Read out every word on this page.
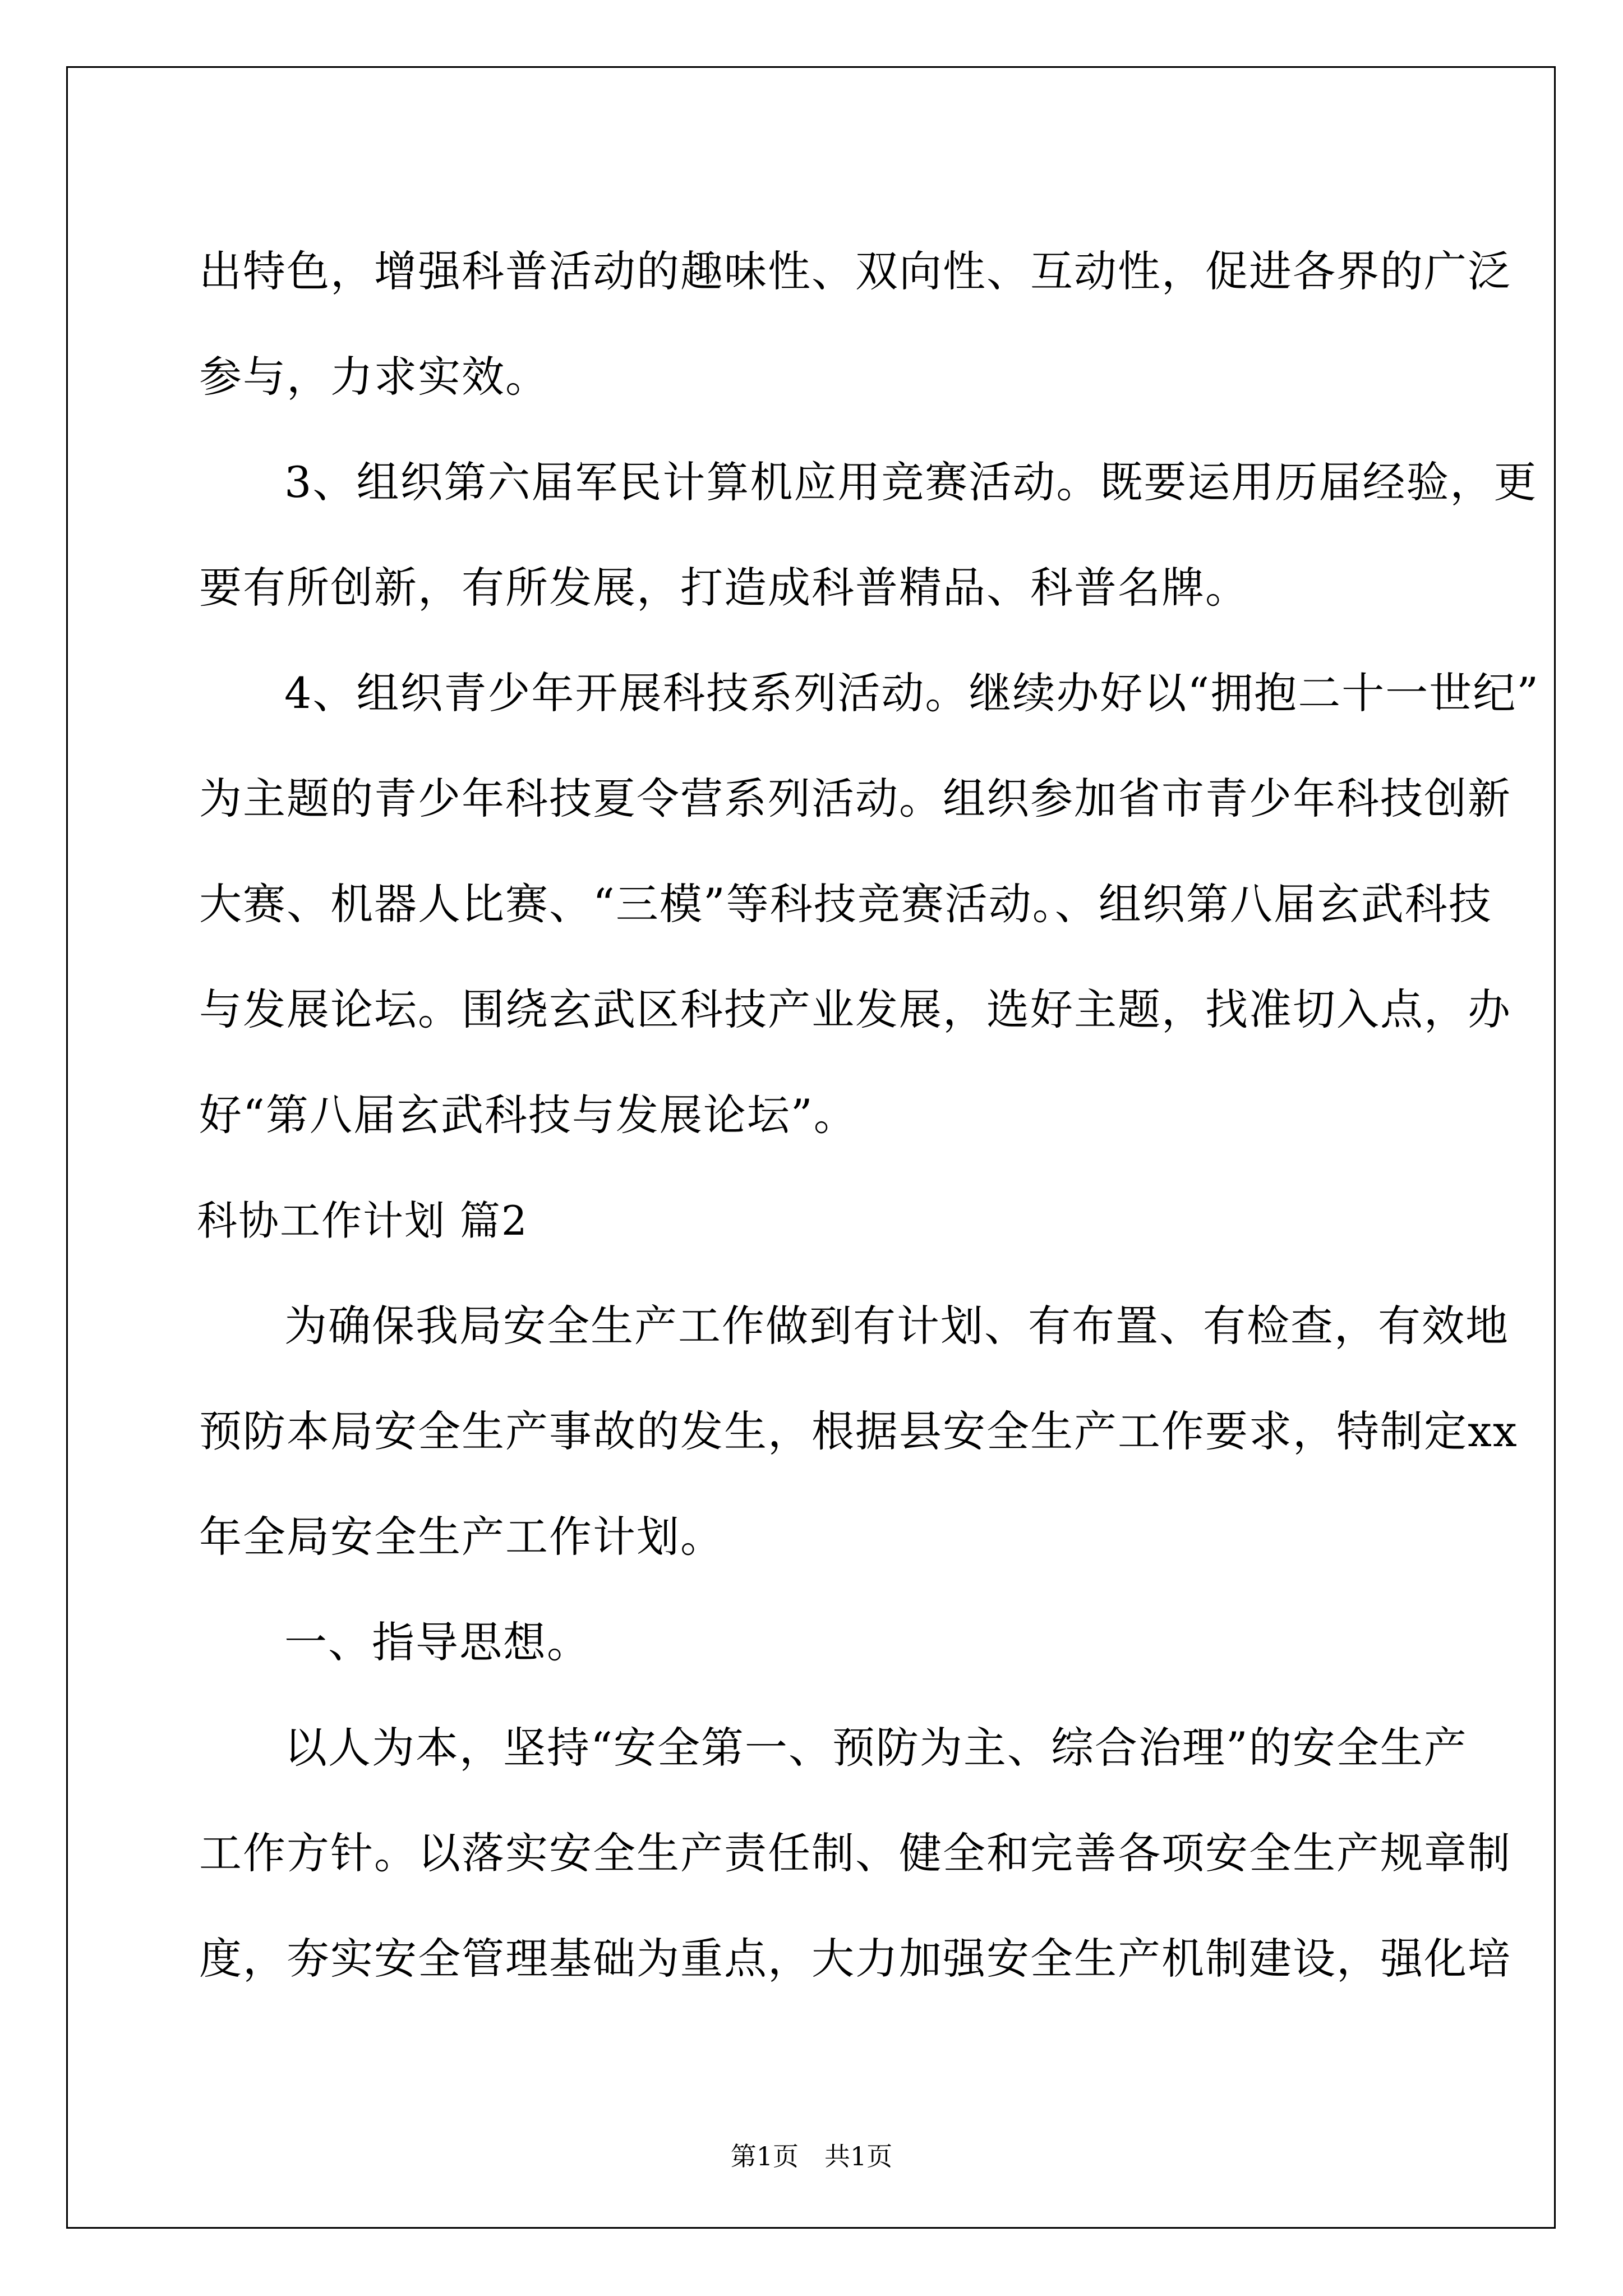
出特色，增强科普活动的趣味性、双向性、互动性，促进各界的广泛
参与，力求实效。
3、组织第六届军民计算机应用竞赛活动。既要运用历届经验，更
要有所创新，有所发展，打造成科普精品、科普名牌。
4、组织青少年开展科技系列活动。继续办好以“拥抱二十一世纪”
为主题的青少年科技夏令营系列活动。组织参加省市青少年科技创新
大赛、机器人比赛、“三模”等科技竞赛活动。、组织第八届玄武科技
与发展论坛。围绕玄武区科技产业发展，选好主题，找准切入点，办
好“第八届玄武科技与发展论坛”。
科协工作计划 篇2
为确保我局安全生产工作做到有计划、有布置、有检查，有效地
预防本局安全生产事故的发生，根据县安全生产工作要求，特制定xx
年全局安全生产工作计划。
一、指导思想。
以人为本，坚持“安全第一、预防为主、综合治理”的安全生产
工作方针。以落实安全生产责任制、健全和完善各项安全生产规章制
度，夯实安全管理基础为重点，大力加强安全生产机制建设，强化培
第1页　共1页
